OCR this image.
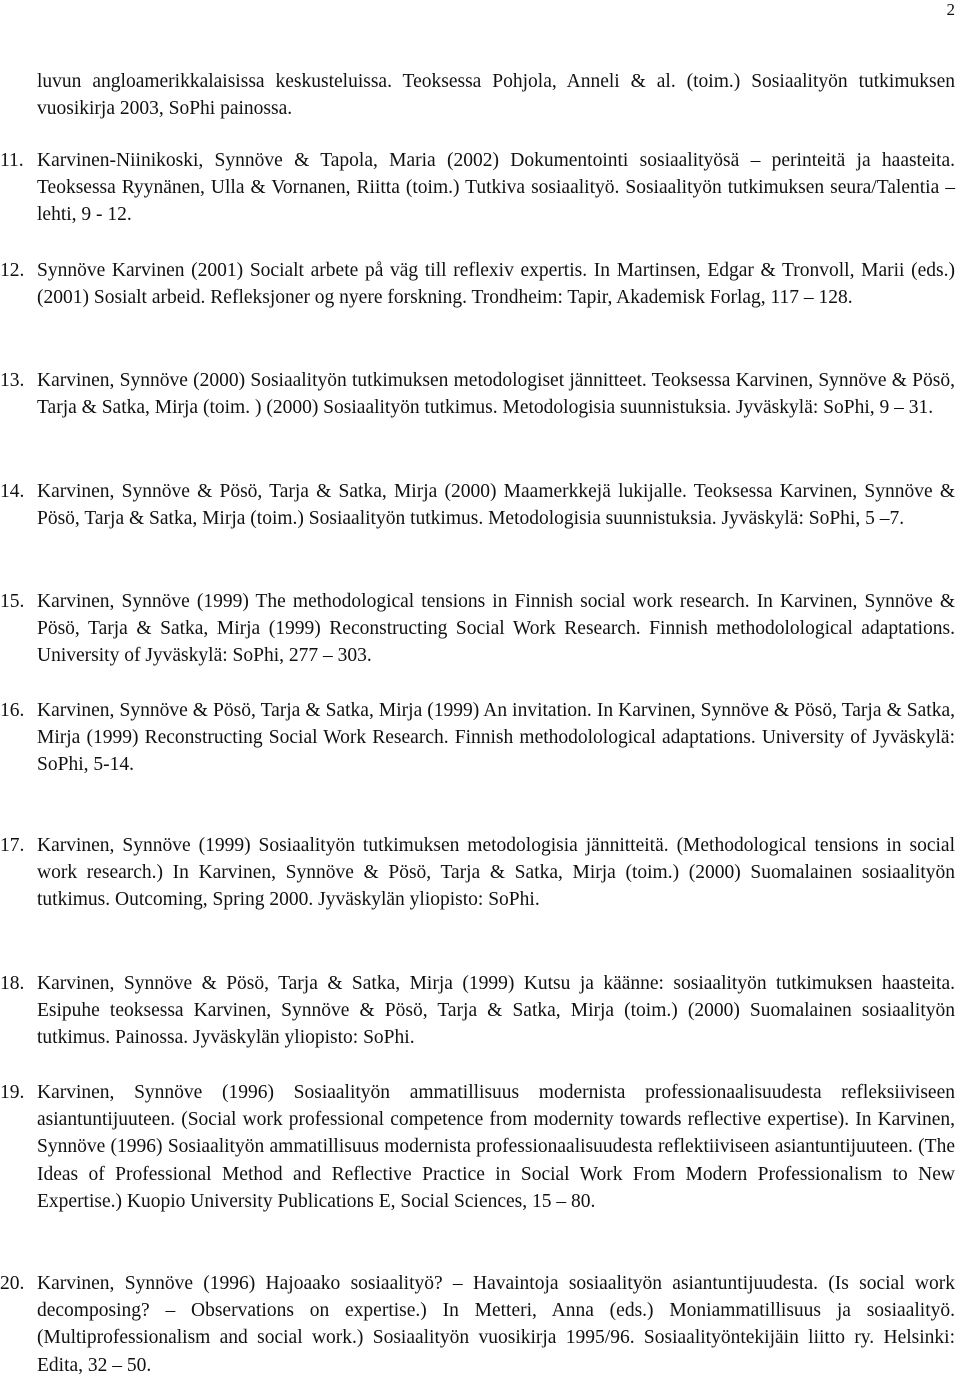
2
luvun angloamerikkalaisissa keskusteluissa. Teoksessa Pohjola, Anneli & al. (toim.) Sosiaalityön tutkimuksen vuosikirja 2003, SoPhi painossa.
11. Karvinen-Niinikoski, Synnöve & Tapola, Maria (2002) Dokumentointi sosiaalityösä – perinteitä ja haasteita. Teoksessa Ryynänen, Ulla & Vornanen, Riitta (toim.) Tutkiva sosiaalityö. Sosiaalityön tutkimuksen seura/Talentia –lehti, 9 - 12.
12. Synnöve Karvinen (2001) Socialt arbete på väg till reflexiv expertis. In Martinsen, Edgar & Tronvoll, Marii (eds.) (2001) Sosialt arbeid. Refleksjoner og nyere forskning. Trondheim: Tapir, Akademisk Forlag, 117 – 128.
13. Karvinen, Synnöve (2000) Sosiaalityön tutkimuksen metodologiset jännitteet. Teoksessa Karvinen, Synnöve & Pösö, Tarja & Satka, Mirja (toim. ) (2000) Sosiaalityön tutkimus. Metodologisia suunnistuksia. Jyväskylä: SoPhi, 9 – 31.
14. Karvinen, Synnöve & Pösö, Tarja & Satka, Mirja (2000) Maamerkkejä lukijalle. Teoksessa Karvinen, Synnöve & Pösö, Tarja & Satka, Mirja (toim.) Sosiaalityön tutkimus. Metodologisia suunnistuksia. Jyväskylä: SoPhi, 5 –7.
15. Karvinen, Synnöve (1999) The methodological tensions in Finnish social work research. In Karvinen, Synnöve & Pösö, Tarja & Satka, Mirja (1999) Reconstructing Social Work Research. Finnish methodolological adaptations. University of Jyväskylä: SoPhi, 277 – 303.
16. Karvinen, Synnöve & Pösö, Tarja & Satka, Mirja (1999) An invitation. In Karvinen, Synnöve & Pösö, Tarja & Satka, Mirja (1999) Reconstructing Social Work Research. Finnish methodolological adaptations. University of Jyväskylä: SoPhi, 5-14.
17. Karvinen, Synnöve (1999) Sosiaalityön tutkimuksen metodologisia jännitteitä. (Methodological tensions in social work research.) In Karvinen, Synnöve & Pösö, Tarja & Satka, Mirja (toim.) (2000) Suomalainen sosiaalityön tutkimus. Outcoming, Spring 2000. Jyväskylän yliopisto: SoPhi.
18. Karvinen, Synnöve & Pösö, Tarja & Satka, Mirja (1999) Kutsu ja käänne: sosiaalityön tutkimuksen haasteita. Esipuhe teoksessa Karvinen, Synnöve & Pösö, Tarja & Satka, Mirja (toim.) (2000) Suomalainen sosiaalityön tutkimus. Painossa. Jyväskylän yliopisto: SoPhi.
19. Karvinen, Synnöve (1996) Sosiaalityön ammatillisuus modernista professionaalisuudesta refleksiiviseen asiantuntijuuteen. (Social work professional competence from modernity towards reflective expertise). In Karvinen, Synnöve (1996) Sosiaalityön ammatillisuus modernista professionaalisuudesta reflektiiviseen asiantuntijuuteen. (The Ideas of Professional Method and Reflective Practice in Social Work From Modern Professionalism to New Expertise.) Kuopio University Publications E, Social Sciences, 15 – 80.
20. Karvinen, Synnöve (1996) Hajoaako sosiaalityö? – Havaintoja sosiaalityön asiantuntijuudesta. (Is social work decomposing? – Observations on expertise.) In Metteri, Anna (eds.) Moniammatillisuus ja sosiaalityö. (Multiprofessionalism and social work.) Sosiaalityön vuosikirja 1995/96. Sosiaalityöntekijäin liitto ry. Helsinki: Edita, 32 – 50.
